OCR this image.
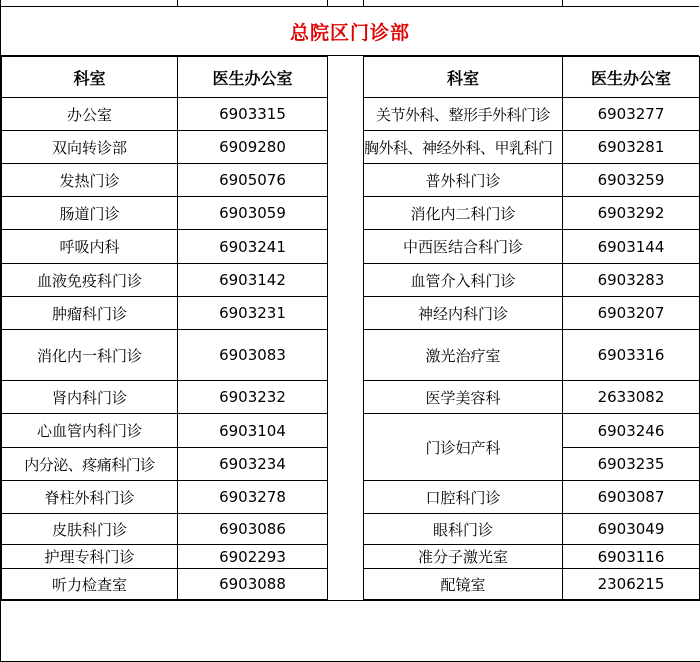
总院区门诊部
科室	医生办公室
办公室	6903315
双向转诊部	6909280
发热门诊	6905076
肠道门诊	6903059
呼吸内科	6903241
血液免疫科门诊	6903142
肿瘤科门诊	6903231
消化内一科门诊	6903083
肾内科门诊	6903232
心血管内科门诊	6903104
内分泌、疼痛科门诊	6903234
脊柱外科门诊	6903278
皮肤科门诊	6903086
护理专科门诊	6902293
听力检查室	6903088
科室	医生办公室
关节外科、整形手外科门诊	6903277
胸外科、神经外科、甲乳科门	6903281
普外科门诊	6903259
消化内二科门诊	6903292
中西医结合科门诊	6903144
血管介入科门诊	6903283
神经内科门诊	6903207
激光治疗室	6903316
医学美容科	2633082
门诊妇产科	6903246
	6903235
口腔科门诊	6903087
眼科门诊	6903049
准分子激光室	6903116
配镜室	2306215
